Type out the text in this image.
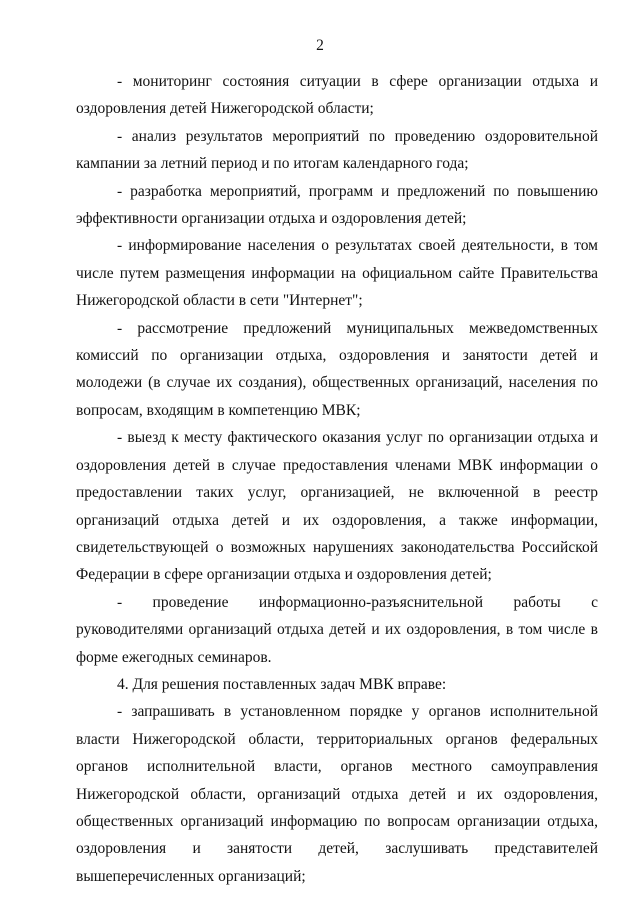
2

- мониторинг состояния ситуации в сфере организации отдыха и оздоровления детей Нижегородской области;

- анализ результатов мероприятий по проведению оздоровительной кампании за летний период и по итогам календарного года;

- разработка мероприятий, программ и предложений по повышению эффективности организации отдыха и оздоровления детей;

- информирование населения о результатах своей деятельности, в том числе путем размещения информации на официальном сайте Правительства Нижегородской области в сети "Интернет";

- рассмотрение предложений муниципальных межведомственных комиссий по организации отдыха, оздоровления и занятости детей и молодежи (в случае их создания), общественных организаций, населения по вопросам, входящим в компетенцию МВК;

- выезд к месту фактического оказания услуг по организации отдыха и оздоровления детей в случае предоставления членами МВК информации о предоставлении таких услуг, организацией, не включенной в реестр организаций отдыха детей и их оздоровления, а также информации, свидетельствующей о возможных нарушениях законодательства Российской Федерации в сфере организации отдыха и оздоровления детей;

- проведение информационно-разъяснительной работы с руководителями организаций отдыха детей и их оздоровления, в том числе в форме ежегодных семинаров.

4. Для решения поставленных задач МВК вправе:

- запрашивать в установленном порядке у органов исполнительной власти Нижегородской области, территориальных органов федеральных органов исполнительной власти, органов местного самоуправления Нижегородской области, организаций отдыха детей и их оздоровления, общественных организаций информацию по вопросам организации отдыха, оздоровления и занятости детей, заслушивать представителей вышеперечисленных организаций;
